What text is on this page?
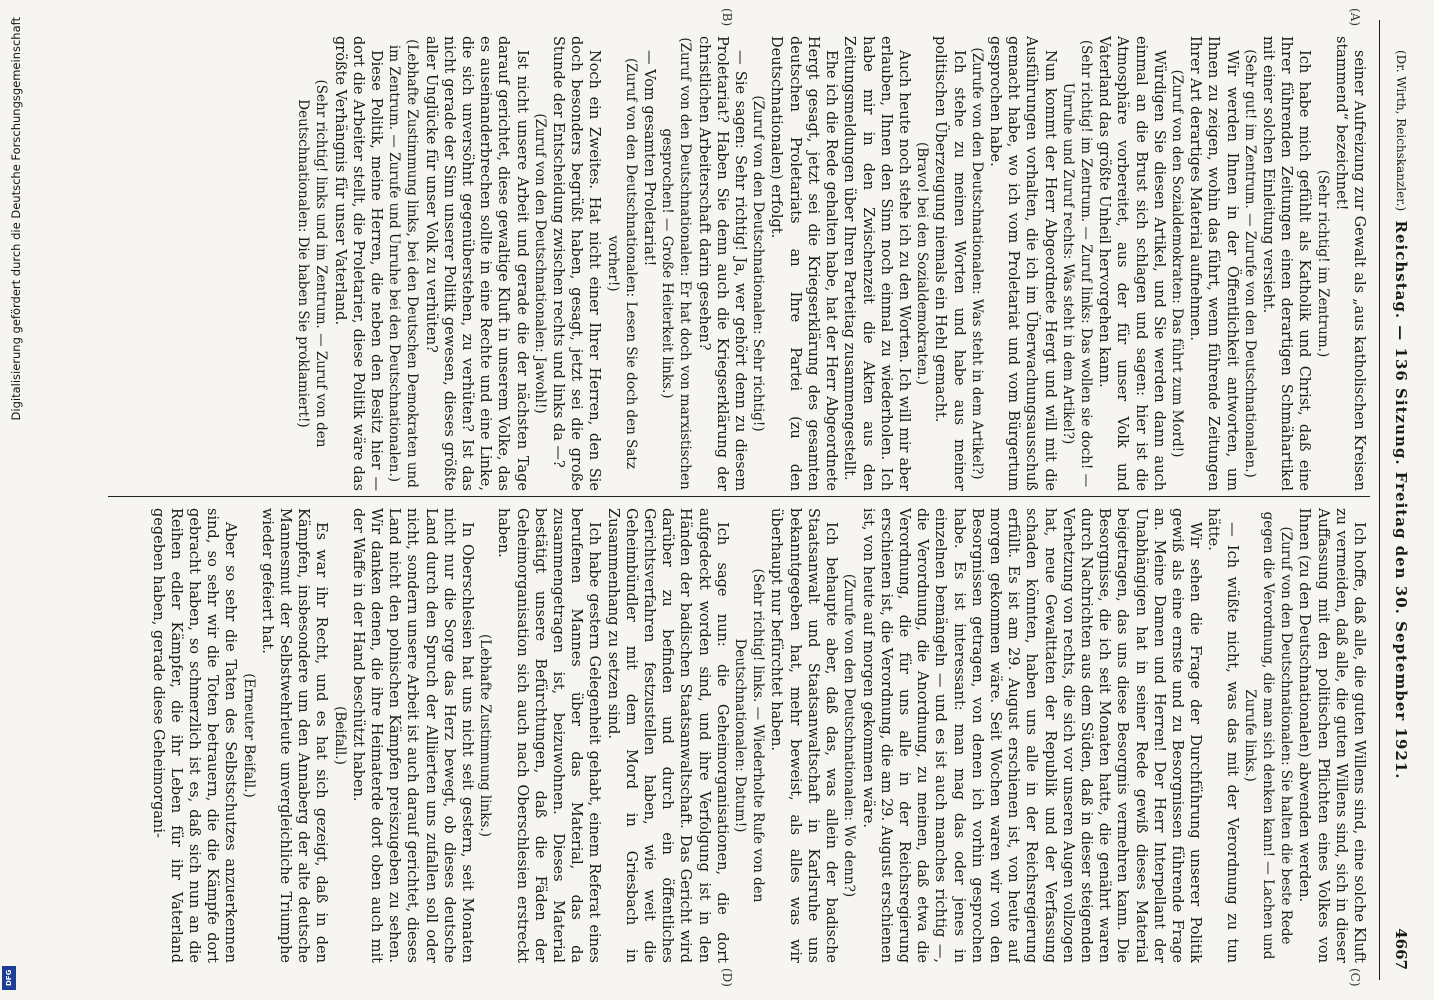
(Dr. Wirth, Reichskanzler.)
Reichstag. — 136 Sitzung. Freitag den 30. September 1921.
4667
(A)
(B)
(C)
(D)

seiner Aufreizung zur Gewalt als „aus katholischen Kreisen stammend“ bezeichnet!

(Sehr richtig! im Zentrum.)

Ich habe mich gefühlt als Katholik und Christ, daß eine Ihrer führenden Zeitungen einen derartigen Schmähartikel mit einer solchen Einleitung versieht.

(Sehr gut! im Zentrum. — Zurufe von den Deutschnationalen.)

Wir werden Ihnen in der Öffentlichkeit antworten, um Ihnen zu zeigen, wohin das führt, wenn führende Zeitungen Ihrer Art derartiges Material aufnehmen.

(Zuruf von den Sozialdemokraten: Das führt zum Mord!)

Würdigen Sie diesen Artikel, und Sie werden dann auch einmal an die Brust sich schlagen und sagen: hier ist die Atmosphäre vorbereitet, aus der für unser Volk und Vaterland das größte Unheil hervorgehen kann.

(Sehr richtig! im Zentrum. — Zuruf links: Das wollen sie doch! — Unruhe und Zuruf rechts: Was steht in dem Artikel?)

Nun kommt der Herr Abgeordnete Hergt und will mit die Ausführungen vorhalten, die ich im Überwachungsausschuß gemacht habe, wo ich vom Proletariat und vom Bürgertum gesprochen habe.

(Zurufe von den Deutschnationalen: Was steht in dem Artikel?)

Ich stehe zu meinen Worten und habe aus meiner politischen Überzeugung niemals ein Hehl gemacht.

(Bravo! bei den Sozialdemokraten.)

Auch heute noch stehe ich zu den Worten. Ich will mir aber erlauben, Ihnen den Sinn noch einmal zu wiederholen. Ich habe mir in den Zwischenzeit die Akten aus den Zeitungsmeldungen über Ihren Parteitag zusammengestellt.

Ehe ich die Rede gehalten habe, hat der Herr Abgeordnete Hergt gesagt, jetzt sei die Kriegserklärung des gesamten deutschen Proletariats an Ihre Partei (zu den Deutschnationalen) erfolgt.

(Zuruf von den Deutschnationalen: Sehr richtig!)

— Sie sagen: Sehr richtig! Ja, wer gehört denn zu diesem Proletariat? Haben Sie denn auch die Kriegserklärung der christlichen Arbeiterschaft darin gesehen?

(Zuruf von den Deutschnationalen: Er hat doch von marxistischen gesprochen! — Große Heiterkeit links.)

— Vom gesamten Proletariat!

(Zuruf von den Deutschnationalen: Lesen Sie doch den Satz vorher!)

Noch ein Zweites. Hat nicht einer Ihrer Herren, den Sie doch besonders begrüßt haben, gesagt, jetzt sei die große Stunde der Entscheidung zwischen rechts und links da —?

(Zuruf von den Deutschnationalen: Jawohl!)

Ist nicht unsere Arbeit und gerade die der nächsten Tage darauf gerichtet, diese gewaltige Kluft in unserem Volke, das es auseinanderbrechen sollte in eine Rechte und eine Linke, die sich unversöhnt gegenüberstehen, zu verhüten? Ist das nicht gerade der Sinn unserer Politik gewesen, dieses größte aller Unglücke für unser Volk zu verhüten?

(Lebhafte Zustimmung links, bei den Deutschen Demokraten und im Zentrum. — Zurufe und Unruhe bei den Deutschnationalen.)

Diese Politik, meine Herren, die neben den Besitz hier — dort die Arbeiter stellt, die Proletarier, diese Politik wäre das größte Verhängnis für unser Vaterland.

(Sehr richtig! links und im Zentrum. — Zuruf von den Deutschnationalen: Die haben Sie proklamiert!)

Ich hoffe, daß alle, die guten Willens sind, eine solche Kluft zu vermeiden, daß alle, die guten Willens sind, sich in dieser Auffassung mit den politischen Pflichten eines Volkes von Ihnen (zu den Deutschnationalen) abwenden werden.

(Zuruf von den Deutschnationalen: Sie halten die beste Rede gegen die Verordnung, die man sich denken kann! — Lachen und Zurufe links.)

— Ich wüßte nicht, was das mit der Verordnung zu tun hätte.

Wir sehen die Frage der Durchführung unserer Politik gewiß als eine ernste und zu Besorgnissen führende Frage an. Meine Damen und Herren! Der Herr Interpellant der Unabhängigen hat in seiner Rede gewiß dieses Material beigetragen, das uns diese Besorgnis vermehren kann. Die Besorgnisse, die ich seit Monaten hatte, die genährt waren durch Nachrichten aus dem Süden, daß in dieser steigenden Verhetzung von rechts, die sich vor unseren Augen vollzogen hat, neue Gewalttaten der Republik und der Verfassung schaden könnten, haben uns alle in der Reichsregierung erfüllt. Es ist am 29. August erschienen ist, von heute auf morgen gekommen wäre. Seit Wochen waren wir von den Besorgnissen getragen, von denen ich vorhin gesprochen habe. Es ist interessant: man mag das oder jenes in einzelnen bemängeln — und es ist auch manches richtig —, die Verordnung, die Anordnung, zu meinen, daß etwa die Verordnung, die für uns alle in der Reichsregierung erschienen ist, die Verordnung, die am 29. August erschienen ist, von heute auf morgen gekommen wäre.

(Zurufe von den Deutschnationalen: Wo denn?)

Ich behaupte aber, daß das, was allein der badische Staatsanwalt und Staatsanwaltschaft in Karlsruhe uns bekanntgegeben hat, mehr beweist, als alles was wir überhaupt nur befürchtet haben.

(Sehr richtig! links. — Wiederholte Rufe von den Deutschnationalen: Datum!)

Ich sage nun: die Geheimorganisationen, die dort aufgedeckt worden sind, und ihre Verfolgung ist in den Händen der badischen Staatsanwaltschaft. Das Gericht wird darüber zu befinden und durch ein öffentliches Gerichtsverfahren festzustellen haben, wie weit die Geheimbündler mit dem Mord in Griesbach in Zusammenhang zu setzen sind.

Ich habe gestern Gelegenheit gehabt, einem Referat eines berufenen Mannes über das Material, das da zusammengetragen ist, beizuwohnen. Dieses Material bestätigt unsere Befürchtungen, daß die Fäden der Geheimorganisation sich auch nach Oberschlesien erstreckt haben.

(Lebhafte Zustimmung links.)

In Oberschlesien hat uns nicht seit gestern, seit Monaten nicht nur die Sorge das Herz bewegt, ob dieses deutsche Land durch den Spruch der Alliierten uns zufallen soll oder nicht, sondern unsere Arbeit ist auch darauf gerichtet, dieses Land nicht den polnischen Kämpfen preiszugeben zu sehen. Wir danken denen, die ihre Heimaterde dort oben auch mit der Waffe in der Hand beschützt haben.

(Beifall.)

Es war ihr Recht, und es hat sich gezeigt, daß in den Kämpfen, insbesondere um den Annaberg der alte deutsche Mannesmut der Selbstwehrleute unvergleichliche Triumphe wieder gefeiert hat.

(Erneuter Beifall.)

Aber so sehr die Taten des Selbstschutzes anzuerkennen sind, so sehr wir die Toten betrauern, die die Kämpfe dort gebracht haben, so schmerzlich ist es, daß sich nun an die Reihen edler Kämpfer, die ihr Leben für ihr Vaterland gegeben haben, gerade diese Geheimorgani-

Digitalisierung gefördert durch die Deutsche Forschungsgemeinschaft
DFG
